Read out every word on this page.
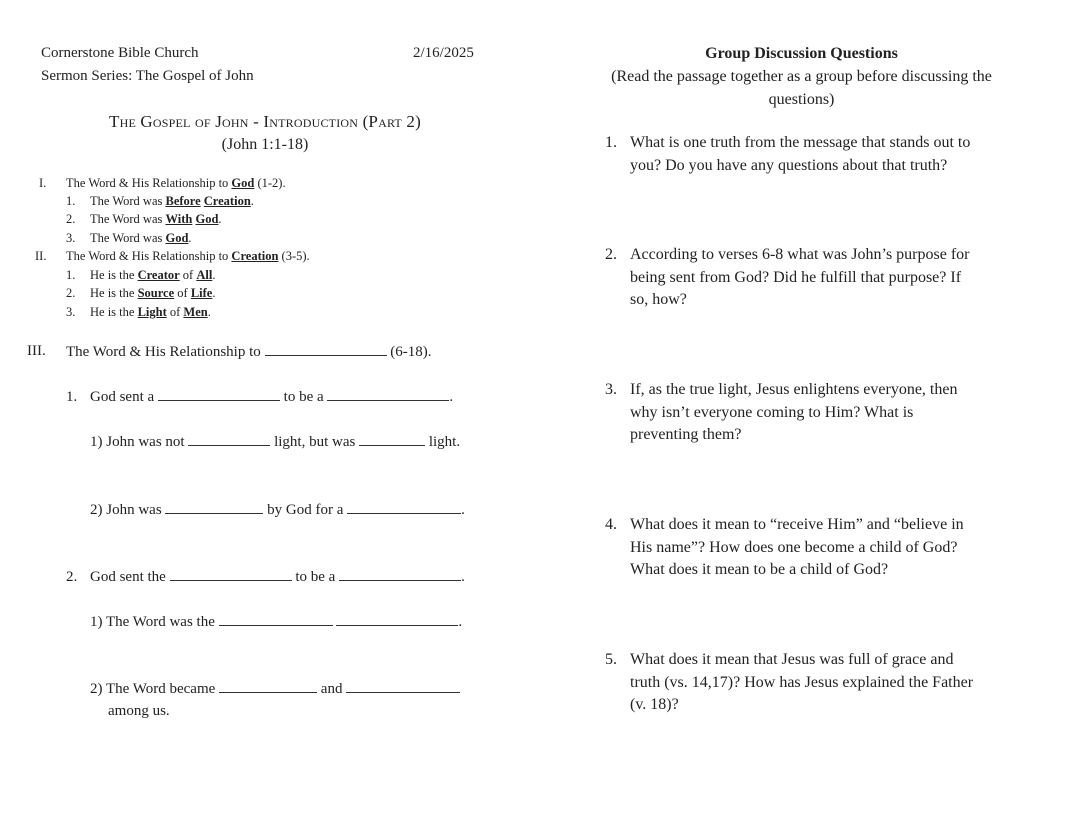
Cornerstone Bible Church	2/16/2025
Sermon Series: The Gospel of John
The Gospel of John - Introduction (Part 2)
(John 1:1-18)
I. The Word & His Relationship to God (1-2).
1. The Word was Before Creation.
2. The Word was With God.
3. The Word was God.
II. The Word & His Relationship to Creation (3-5).
1. He is the Creator of All.
2. He is the Source of Life.
3. He is the Light of Men.
III. The Word & His Relationship to	(6-18).
1. God sent a	to be a	.
1) John was not	light, but was	light.
2) John was	by God for a	.
2. God sent the	to be a	.
1) The Word was the	.
2) The Word became	and
among us.
Group Discussion Questions
(Read the passage together as a group before discussing the
questions)
1. What is one truth from the message that stands out to
you? Do you have any questions about that truth?
2. According to verses 6-8 what was John’s purpose for
being sent from God? Did he fulfill that purpose? If
so, how?
3. If, as the true light, Jesus enlightens everyone, then
why isn’t everyone coming to Him? What is
preventing them?
4. What does it mean to “receive Him” and “believe in
His name”? How does one become a child of God?
What does it mean to be a child of God?
5. What does it mean that Jesus was full of grace and
truth (vs. 14,17)? How has Jesus explained the Father
(v. 18)?
